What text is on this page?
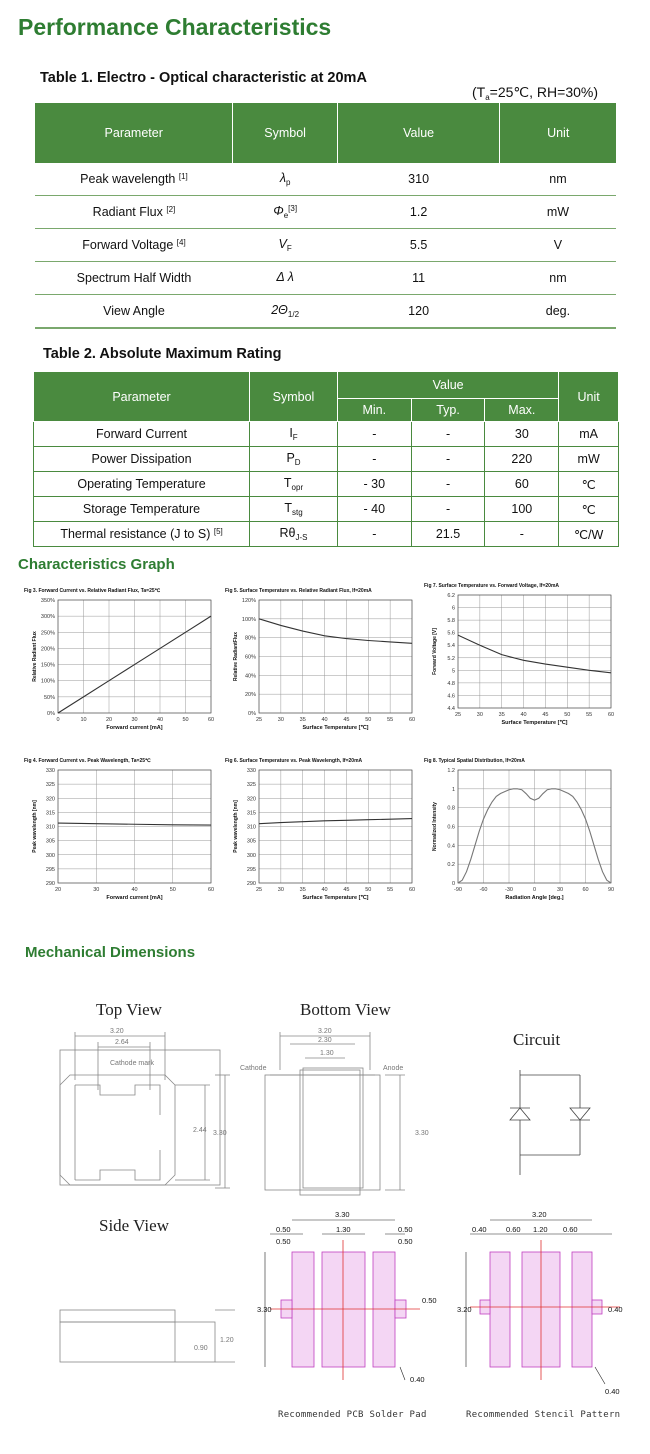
Performance Characteristics
Table 1. Electro - Optical characteristic at 20mA
($T_a=25℃$, RH=30%)
Parameter	Symbol	Value	Unit
Peak wavelength [1]	$\lambda_p$	310	nm
Radiant Flux [2]	$\Phi_e[3]$	1.2	mW
Forward Voltage [4]	$V_F$	5.5	V
Spectrum Half Width	Δ λ	11	nm
View Angle	$2\Theta_{1/2}$	120	deg.
Table 2. Absolute Maximum Rating
Parameter	Symbol	Value			Unit
		Min.	Typ.	Max.	
Forward Current	$I_F$	-	-	30	mA
Power Dissipation	$P_D$	-	-	220	mW
Operating Temperature	$T_{opr}$	- 30	-	60	℃
Storage Temperature	$T_{stg}$	- 40	-	100	℃
Thermal resistance (J to S) [5]	$R\theta_{J-S}$	-	21.5	-	℃/W
Characteristics Graph
Fig 3. Forward Current vs. Relative Radiant Flux, Ta=25℃
0	10	20	30	40	50	60
0%
50%
100%
150%
200%
250%
300%
350%
Forward current [mA]
Relative Radiant Flux
Fig 5. Surface Temperature vs. Relative Radiant Flux, If=20mA
25	30	35	40	45	50	55	60
0%
20%
40%
60%
80%
100%
120%
Surface Temperature [℃]
Relative RadiantFlux
Fig 7. Surface Temperature vs. Forward Voltage, If=20mA
25	30	35	40	45	50	55	60
4.4
4.6
4.8
5
5.2
5.4
5.6
5.8
6
6.2
Surface Temperature [℃]
Forward Voltage [V]
Fig 4. Forward Current vs. Peak Wavelength, Ta=25℃
20	30	40	50	60
290
295
300
305
310
315
320
325
330
Forward current [mA]
Peak wavelength [nm]
Fig 6. Surface Temperature vs. Peak Wavelength, If=20mA
25	30	35	40	45	50	55	60
290
295
300
305
310
315
320
325
330
Surface Temperature [℃]
Peak wavelength [nm]
Fig 8. Typical Spatial Distribution, If=20mA
-90	-60	-30	0	30	60	90
0
0.2
0.4
0.6
0.8
1
1.2
Radiation Angle [deg.]
Normalized Intensity
Mechanical Dimensions
Top View	Bottom View
Circuit
Side View
3.20
2.64
Cathode mark
2.44 3.30
3.20
2.30
1.30
Cathode	Anode
3.30
0.90
1.20
3.30
0.50	1.30	0.50
0.50	0.50
3.30
0.50
0.40
3.20
0.40	0.60 1.20 0.60
3.20	0.40
0.40
Recommended PCB Solder Pad	Recommended Stencil Pattern
